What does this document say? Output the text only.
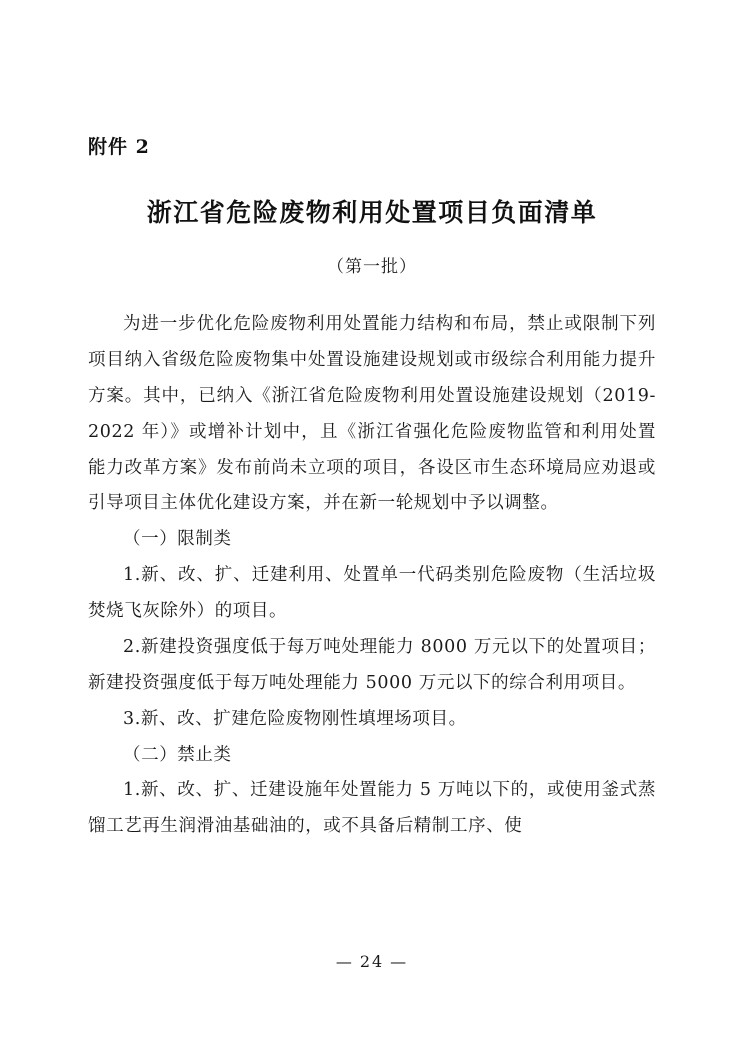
附件 2
浙江省危险废物利用处置项目负面清单
（第一批）

为进一步优化危险废物利用处置能力结构和布局，禁止或限制下列项目纳入省级危险废物集中处置设施建设规划或市级综合利用能力提升方案。其中，已纳入《浙江省危险废物利用处置设施建设规划（2019-2022 年）》或增补计划中，且《浙江省强化危险废物监管和利用处置能力改革方案》发布前尚未立项的项目，各设区市生态环境局应劝退或引导项目主体优化建设方案，并在新一轮规划中予以调整。

（一）限制类

1.新、改、扩、迁建利用、处置单一代码类别危险废物（生活垃圾焚烧飞灰除外）的项目。

2.新建投资强度低于每万吨处理能力 8000 万元以下的处置项目；新建投资强度低于每万吨处理能力 5000 万元以下的综合利用项目。

3.新、改、扩建危险废物刚性填埋场项目。

（二）禁止类

1.新、改、扩、迁建设施年处置能力 5 万吨以下的，或使用釜式蒸馏工艺再生润滑油基础油的，或不具备后精制工序、使

— 24 —
